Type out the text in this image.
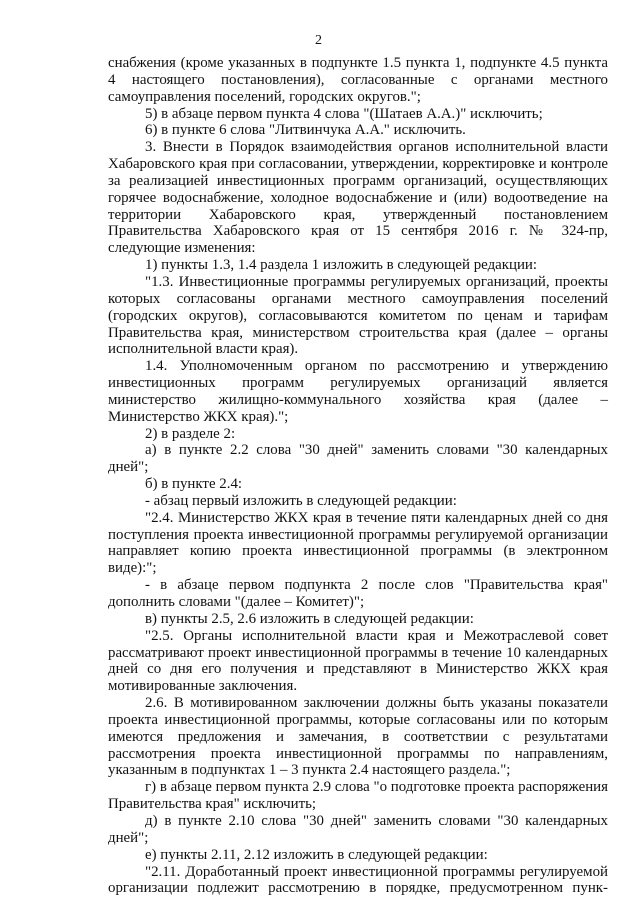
2

снабжения (кроме указанных в подпункте 1.5 пункта 1, подпункте 4.5 пункта 4 настоящего постановления), согласованные с органами местного самоуправления поселений, городских округов.";

5) в абзаце первом пункта 4 слова "(Шатаев А.А.)" исключить;

6) в пункте 6 слова "Литвинчука А.А." исключить.

3. Внести в Порядок взаимодействия органов исполнительной власти Хабаровского края при согласовании, утверждении, корректировке и контроле за реализацией инвестиционных программ организаций, осуществляющих горячее водоснабжение, холодное водоснабжение и (или) водоотведение на территории Хабаровского края, утвержденный постановлением Правительства Хабаровского края от 15 сентября 2016 г. № 324-пр, следующие изменения:

1) пункты 1.3, 1.4 раздела 1 изложить в следующей редакции:

"1.3. Инвестиционные программы регулируемых организаций, проекты которых согласованы органами местного самоуправления поселений (городских округов), согласовываются комитетом по ценам и тарифам Правительства края, министерством строительства края (далее – органы исполнительной власти края).

1.4. Уполномоченным органом по рассмотрению и утверждению инвестиционных программ регулируемых организаций является министерство жилищно-коммунального хозяйства края (далее – Министерство ЖКХ края).";

2) в разделе 2:

а) в пункте 2.2 слова "30 дней" заменить словами "30 календарных дней";

б) в пункте 2.4:

- абзац первый изложить в следующей редакции:

"2.4. Министерство ЖКХ края в течение пяти календарных дней со дня поступления проекта инвестиционной программы регулируемой организации направляет копию проекта инвестиционной программы (в электронном виде):";

- в абзаце первом подпункта 2 после слов "Правительства края" дополнить словами "(далее – Комитет)";

в) пункты 2.5, 2.6 изложить в следующей редакции:

"2.5. Органы исполнительной власти края и Межотраслевой совет рассматривают проект инвестиционной программы в течение 10 календарных дней со дня его получения и представляют в Министерство ЖКХ края мотивированные заключения.

2.6. В мотивированном заключении должны быть указаны показатели проекта инвестиционной программы, которые согласованы или по которым имеются предложения и замечания, в соответствии с результатами рассмотрения проекта инвестиционной программы по направлениям, указанным в подпунктах 1 – 3 пункта 2.4 настоящего раздела.";

г) в абзаце первом пункта 2.9 слова "о подготовке проекта распоряжения Правительства края" исключить;

д) в пункте 2.10 слова "30 дней" заменить словами "30 календарных дней";

е) пункты 2.11, 2.12 изложить в следующей редакции:

"2.11. Доработанный проект инвестиционной программы регулируемой организации подлежит рассмотрению в порядке, предусмотренном пунк-
